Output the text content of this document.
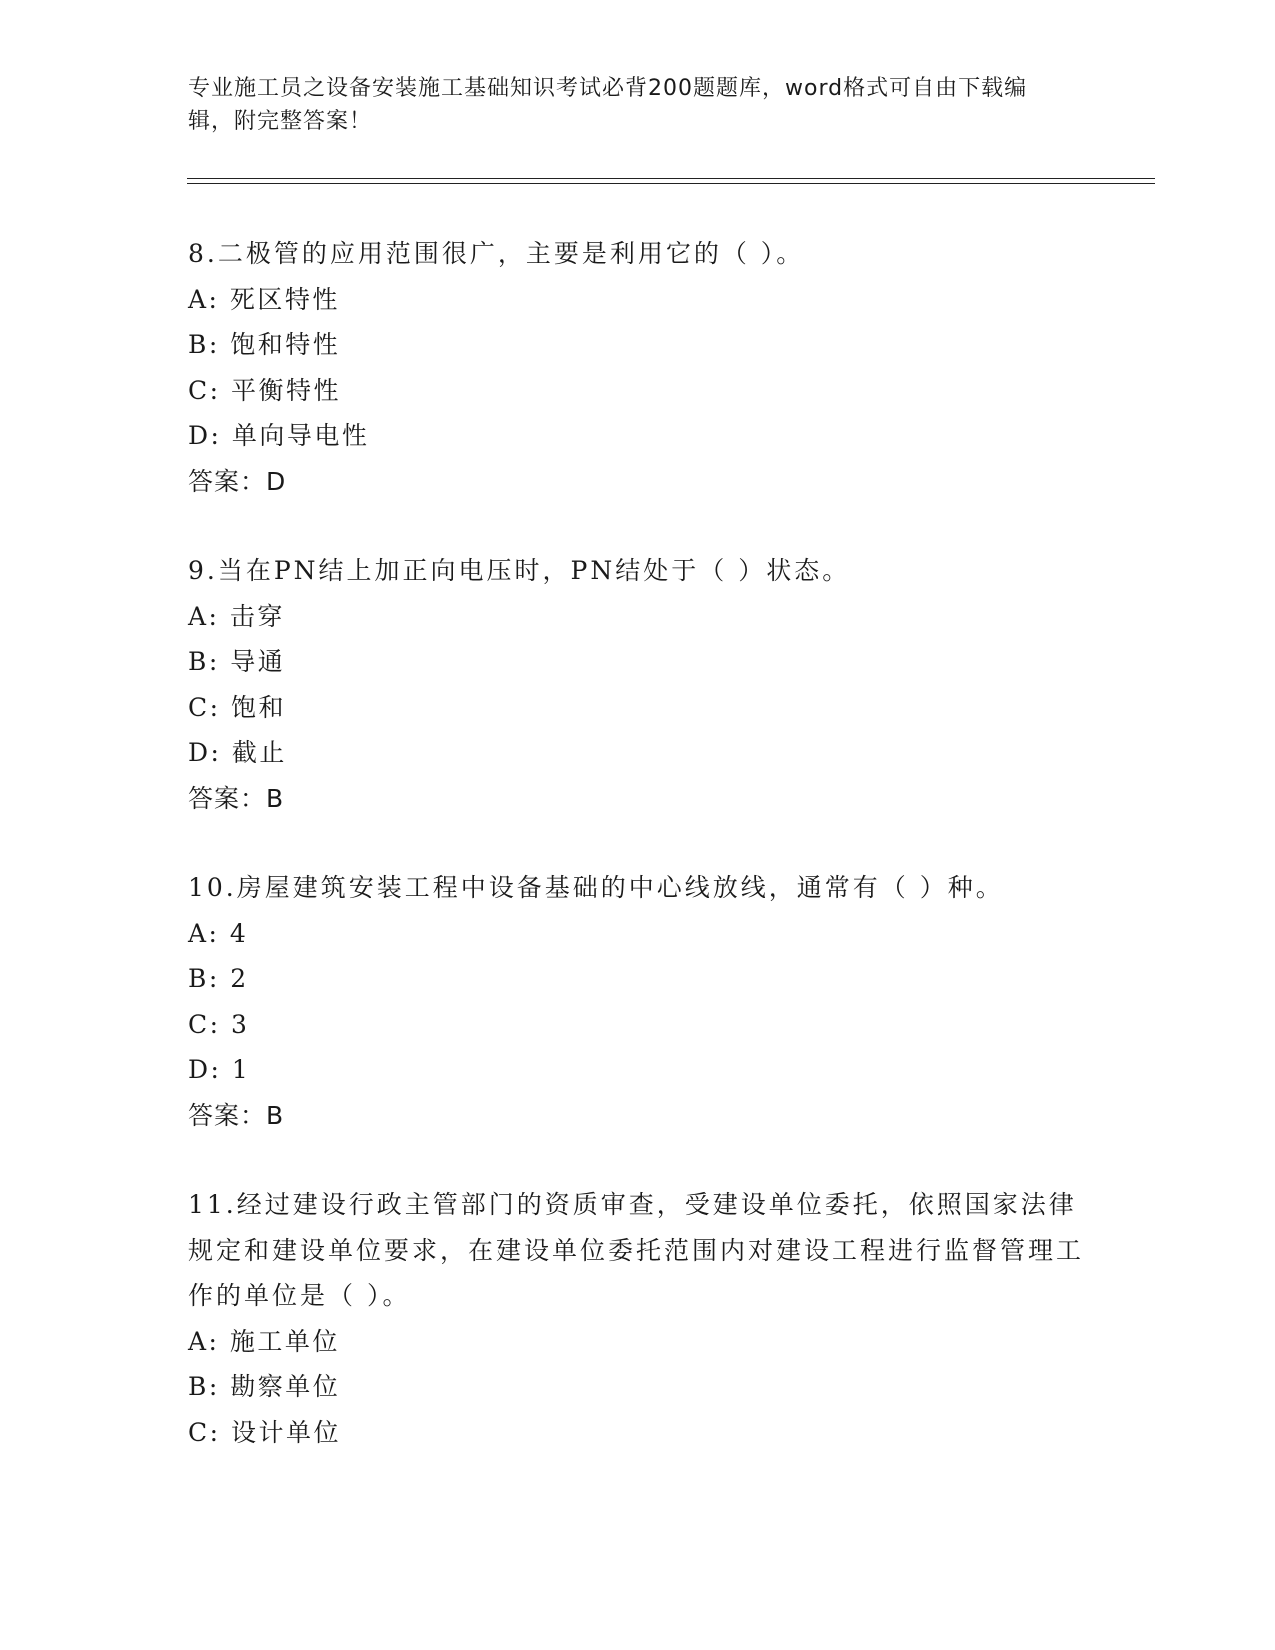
专业施工员之设备安装施工基础知识考试必背200题题库，word格式可自由下载编辑，附完整答案！
8.二极管的应用范围很广，主要是利用它的（ ）。
A: 死区特性
B: 饱和特性
C: 平衡特性
D: 单向导电性
答案：D
9.当在PN结上加正向电压时，PN结处于（ ）状态。
A: 击穿
B: 导通
C: 饱和
D: 截止
答案：B
10.房屋建筑安装工程中设备基础的中心线放线，通常有（ ）种。
A: 4
B: 2
C: 3
D: 1
答案：B
11.经过建设行政主管部门的资质审查，受建设单位委托，依照国家法律规定和建设单位要求，在建设单位委托范围内对建设工程进行监督管理工作的单位是（ ）。
A: 施工单位
B: 勘察单位
C: 设计单位
